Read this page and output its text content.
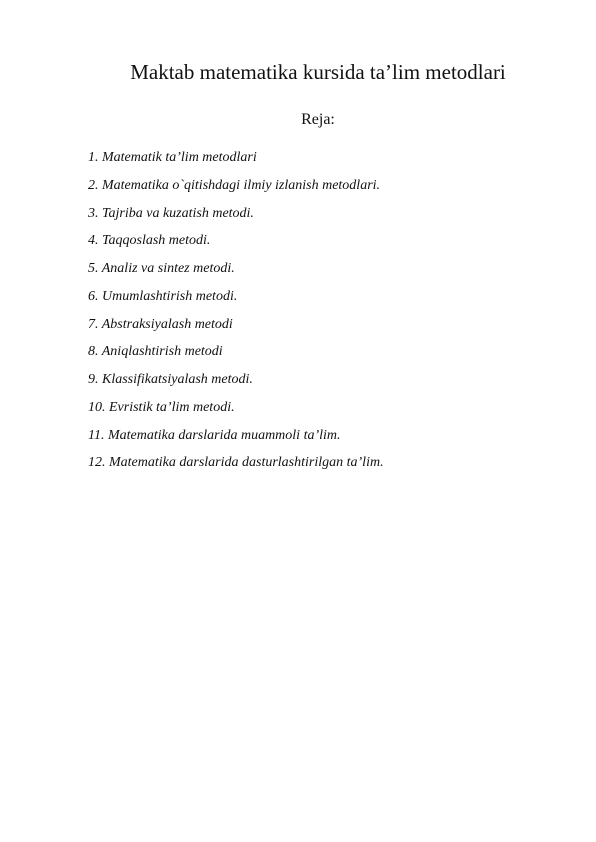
Maktab matematika kursida ta’lim metodlari
Reja:
1. Matematik ta’lim metodlari
2. Matematika o`qitishdagi ilmiy izlanish metodlari.
3. Tajriba va kuzatish metodi.
4. Taqqoslash metodi.
5. Analiz va sintez metodi.
6. Umumlashtirish metodi.
7. Abstraksiyalash metodi
8. Aniqlashtirish metodi
9. Klassifikatsiyalash metodi.
10. Evristik ta’lim metodi.
11. Matematika darslarida muammoli ta’lim.
12. Matematika darslarida dasturlashtirilgan ta’lim.
